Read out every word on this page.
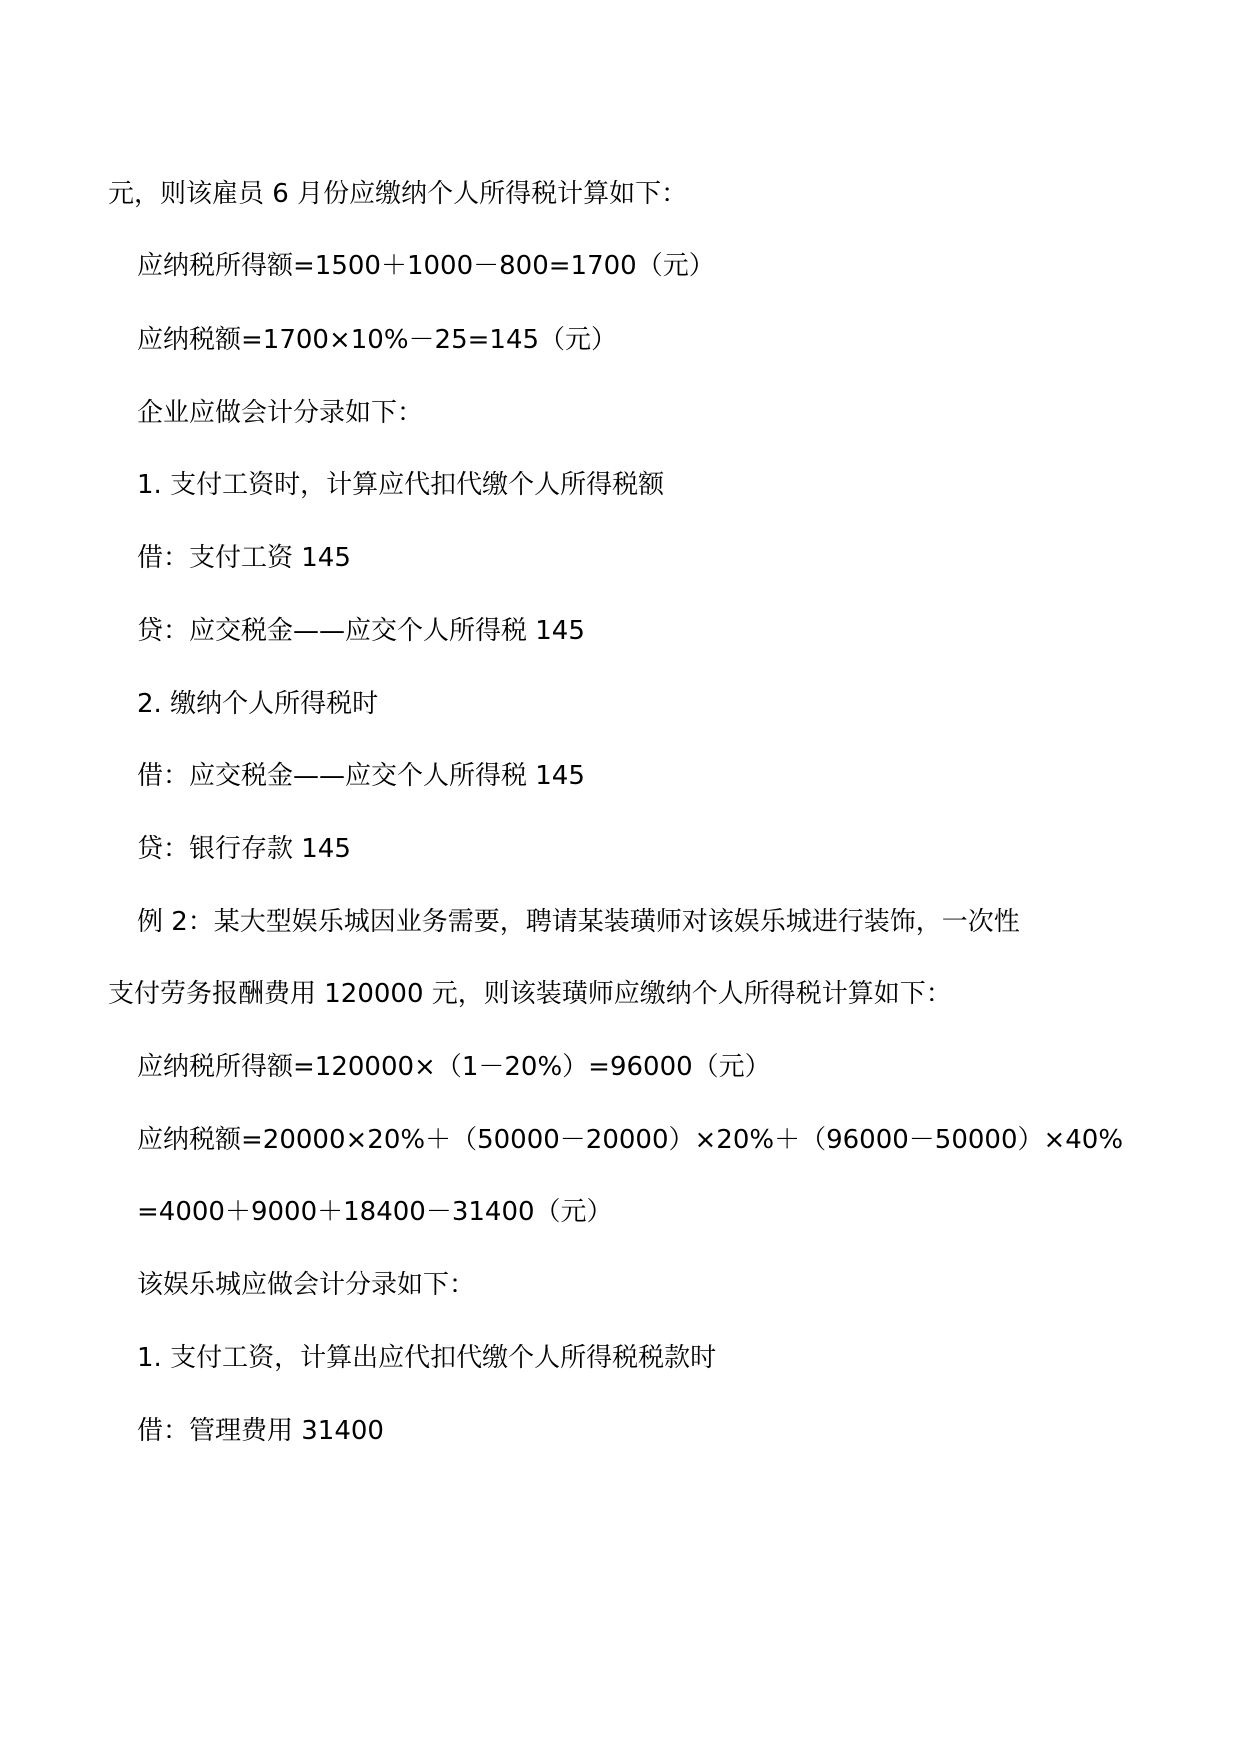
元，则该雇员 6 月份应缴纳个人所得税计算如下：
应纳税所得额=1500＋1000－800=1700（元）
应纳税额=1700×10%－25=145（元）
企业应做会计分录如下：
1. 支付工资时，计算应代扣代缴个人所得税额
借：支付工资 145
贷：应交税金——应交个人所得税 145
2. 缴纳个人所得税时
借：应交税金——应交个人所得税 145
贷：银行存款 145
例 2：某大型娱乐城因业务需要，聘请某装璜师对该娱乐城进行装饰，一次性
支付劳务报酬费用 120000 元，则该装璜师应缴纳个人所得税计算如下：
应纳税所得额=120000×（1－20%）=96000（元）
应纳税额=20000×20%＋（50000－20000）×20%＋（96000－50000）×40%
=4000＋9000＋18400－31400（元）
该娱乐城应做会计分录如下：
1. 支付工资，计算出应代扣代缴个人所得税税款时
借：管理费用 31400
